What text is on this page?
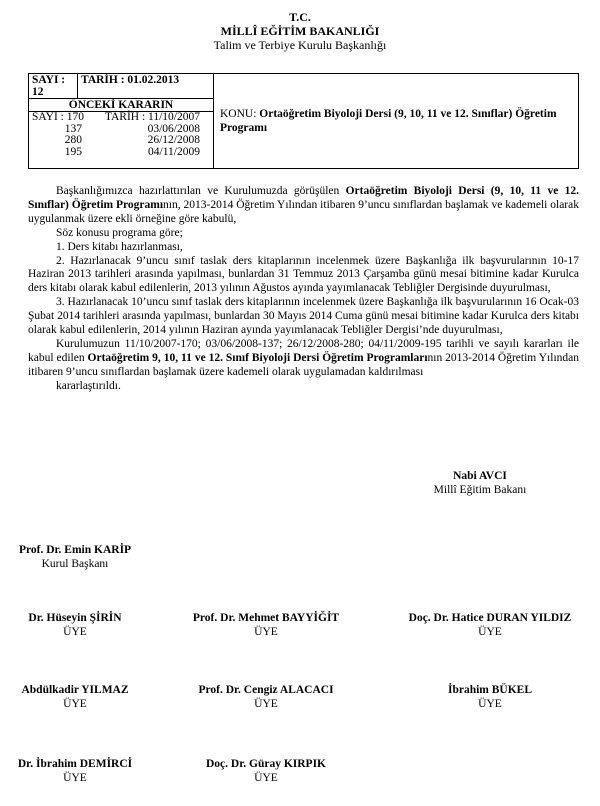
T.C.
MİLLÎ EĞİTİM BAKANLIĞI
Talim ve Terbiye Kurulu Başkanlığı
SAYI : 12	TARİH : 01.02.2013	KONU: Ortaöğretim Biyoloji Dersi (9, 10, 11 ve 12. Sınıflar) Öğretim Programı
ÖNCEKİ KARARIN

SAYI : 170	TARİH : 11/10/2007
137	03/06/2008
280	26/12/2008
195	04/11/2009

Başkanlığımızca hazırlattırılan ve Kurulumuzda görüşülen Ortaöğretim Biyoloji Dersi (9, 10, 11 ve 12. Sınıflar) Öğretim Programının, 2013-2014 Öğretim Yılından itibaren 9’uncu sınıflardan başlamak ve kademeli olarak uygulanmak üzere ekli örneğine göre kabulü,

Söz konusu programa göre;

1. Ders kitabı hazırlanması,

2. Hazırlanacak 9’uncu sınıf taslak ders kitaplarının incelenmek üzere Başkanlığa ilk başvurularının 10-17 Haziran 2013 tarihleri arasında yapılması, bunlardan 31 Temmuz 2013 Çarşamba günü mesai bitimine kadar Kurulca ders kitabı olarak kabul edilenlerin, 2013 yılının Ağustos ayında yayımlanacak Tebliğler Dergisinde duyurulması,

3. Hazırlanacak 10’uncu sınıf taslak ders kitaplarının incelenmek üzere Başkanlığa ilk başvurularının 16 Ocak-03 Şubat 2014 tarihleri arasında yapılması, bunlardan 30 Mayıs 2014 Cuma günü mesai bitimine kadar Kurulca ders kitabı olarak kabul edilenlerin, 2014 yılının Haziran ayında yayımlanacak Tebliğler Dergisi’nde duyurulması,

Kurulumuzun 11/10/2007-170; 03/06/2008-137; 26/12/2008-280; 04/11/2009-195 tarihli ve sayılı kararları ile kabul edilen Ortaöğretim 9, 10, 11 ve 12. Sınıf Biyoloji Dersi Öğretim Programlarının 2013-2014 Öğretim Yılından itibaren 9’uncu sınıflardan başlamak üzere kademeli olarak uygulamadan kaldırılması

kararlaştırıldı.

Nabi AVCI
Millî Eğitim Bakanı
Prof. Dr. Emin KARİP
Kurul Başkanı
Dr. Hüseyin ŞİRİN
ÜYE
Prof. Dr. Mehmet BAYYİĞİT
ÜYE
Doç. Dr. Hatice DURAN YILDIZ
ÜYE
Abdülkadir YILMAZ
ÜYE
Prof. Dr. Cengiz ALACACI
ÜYE
İbrahim BÜKEL
ÜYE
Dr. İbrahim DEMİRCİ
ÜYE
Doç. Dr. Güray KIRPIK
ÜYE
